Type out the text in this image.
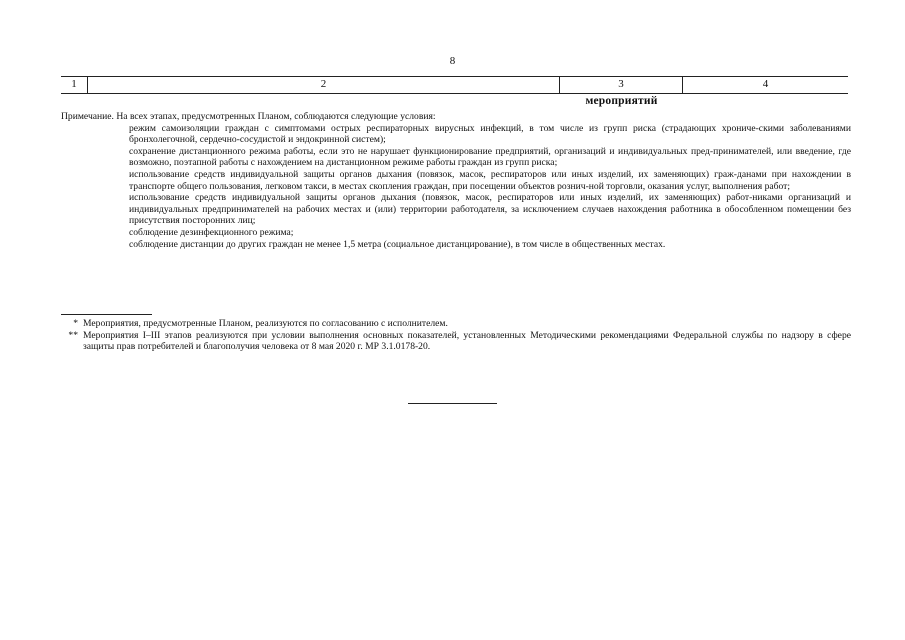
8
1	2	3	4
мероприятий

Примечание. На всех этапах, предусмотренных Планом, соблюдаются следующие условия:

режим самоизоляции граждан с симптомами острых респираторных вирусных инфекций, в том числе из групп риска (страдающих хрониче-скими заболеваниями бронхолегочной, сердечно-сосудистой и эндокринной систем);

сохранение дистанционного режима работы, если это не нарушает функционирование предприятий, организаций и индивидуальных пред-принимателей, или введение, где возможно, поэтапной работы с нахождением на дистанционном режиме работы граждан из групп риска;

использование средств индивидуальной защиты органов дыхания (повязок, масок, респираторов или иных изделий, их заменяющих) граж-данами при нахождении в транспорте общего пользования, легковом такси, в местах скопления граждан, при посещении объектов рознич-ной торговли, оказания услуг, выполнения работ;

использование средств индивидуальной защиты органов дыхания (повязок, масок, респираторов или иных изделий, их заменяющих) работ-никами организаций и индивидуальных предпринимателей на рабочих местах и (или) территории работодателя, за исключением случаев нахождения работника в обособленном помещении без присутствия посторонних лиц;

соблюдение дезинфекционного режима;

соблюдение дистанции до других граждан не менее 1,5 метра (социальное дистанцирование), в том числе в общественных местах.

* Мероприятия, предусмотренные Планом, реализуются по согласованию с исполнителем.
** Мероприятия I–III этапов реализуются при условии выполнения основных показателей, установленных Методическими рекомендациями Федеральной службы по надзору в сфере защиты прав потребителей и благополучия человека от 8 мая 2020 г. МР 3.1.0178-20.
